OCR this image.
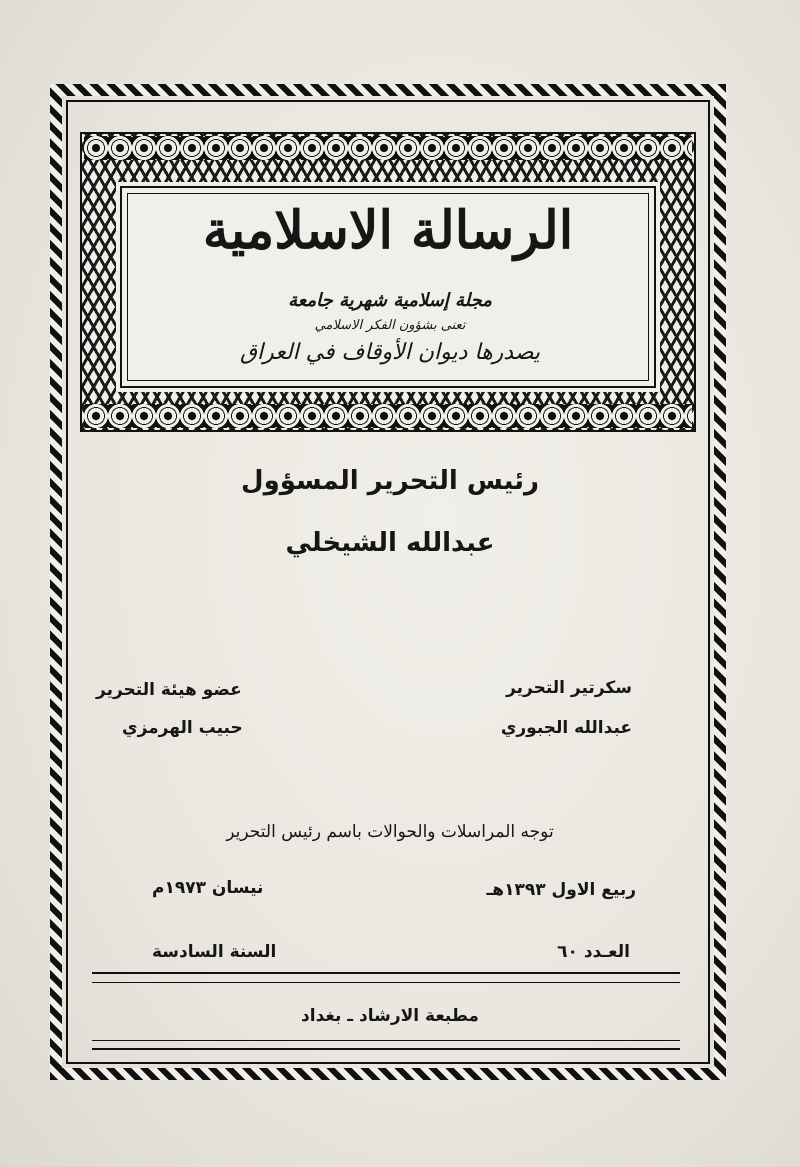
الرسالة الاسلامية
مجلة إسلامية شهرية جامعة
تعنى بشؤون الفكر الاسلامي
يصدرها ديوان الأوقاف في العراق
رئيس التحرير المسؤول
عبدالله الشيخلي
سكرتير التحرير
عبدالله الجبوري
عضو هيئة التحرير
حبيب الهرمزي
توجه المراسلات والحوالات باسم رئيس التحرير
ربيع الاول ١٣٩٣هـ
نيسان ١٩٧٣م
العـدد ٦٠
السنة السادسة
مطبعة الارشاد ـ بغداد
